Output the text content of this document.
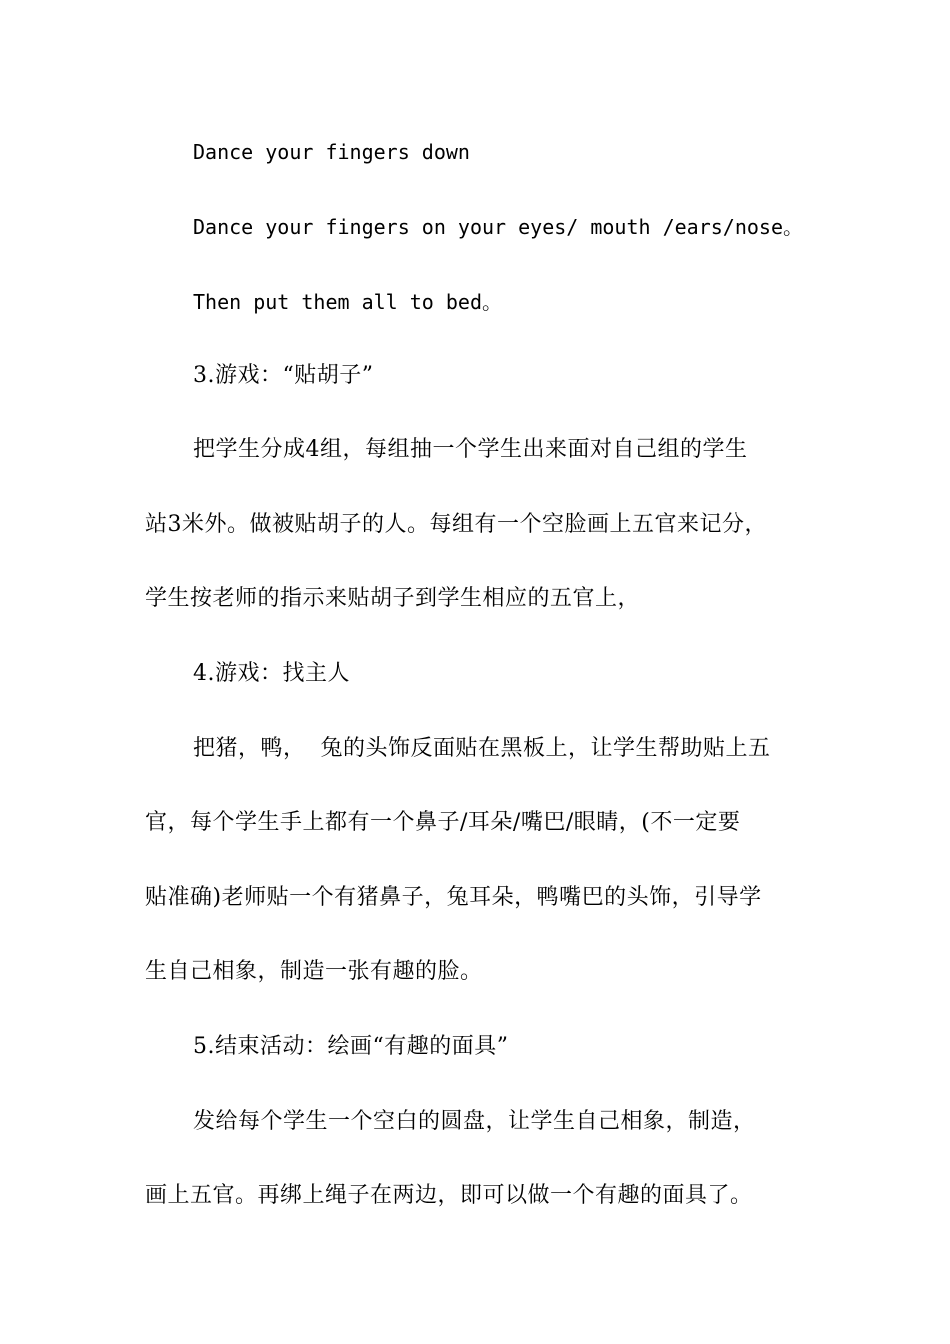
Dance your fingers down
Dance your fingers on your eyes/ mouth /ears/nose。
Then put them all to bed。
3.游戏：“贴胡子”
把学生分成4组，每组抽一个学生出来面对自己组的学生
站3米外。做被贴胡子的人。每组有一个空脸画上五官来记分，
学生按老师的指示来贴胡子到学生相应的五官上，
4.游戏：找主人
把猪，鸭，  兔的头饰反面贴在黑板上，让学生帮助贴上五
官，每个学生手上都有一个鼻子/耳朵/嘴巴/眼睛，(不一定要
贴准确)老师贴一个有猪鼻子，兔耳朵，鸭嘴巴的头饰，引导学
生自己相象，制造一张有趣的脸。
5.结束活动：绘画“有趣的面具”
发给每个学生一个空白的圆盘，让学生自己相象，制造，
画上五官。再绑上绳子在两边，即可以做一个有趣的面具了。
